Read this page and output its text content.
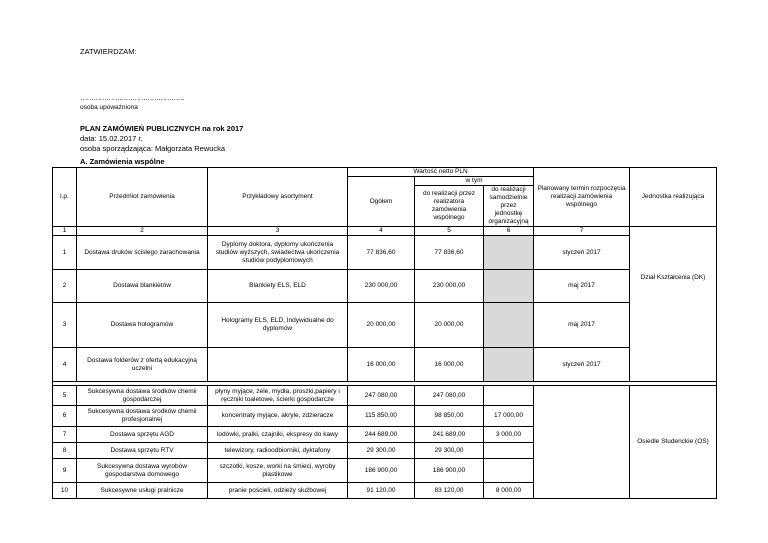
ZATWIERDZAM:
…………………………………………
osoba upoważniona
PLAN ZAMÓWIEŃ PUBLICZNYCH na rok 2017
data: 15.02.2017 r.
osoba sporządzająca: Małgorzata Rewucka
A. Zamówienia wspólne
l.p.	Przedmiot zamówienia	Przykładowy asortyment	Wartość netto PLN			Planowany termin rozpoczęcia realizacji zamówienia wspólnego	Jednostka realizująca
			Ogółem	w tym			
				do realizacji przez realizatora zamówienia wspólnego	do realizacji samodzielnie przez jednostkę organizacyjną		
1	2	3	4	5	6	7	
1	Dostawa druków ścisłego zarachowania	Dyplomy doktora, dyplomy ukończenia studiów wyższych, świadectwa ukończenia studiów podyplomowych	77 836,60	77 836,60		styczeń 2017	
2	Dostawa blankietów	Blankiety ELS, ELD	230 000,00	230 000,00		maj 2017	Dział Kształcenia (DK)
3	Dostawa hologramów	Hologramy ELS, ELD, Indywidualne do dyplomów	20 000,00	20 000,00		maj 2017	
4	Dostawa folderów z ofertą edukacyjną uczelni		16 000,00	16 000,00		styczeń 2017	

5	Sukcesywna dostawa środków chemii gospodarczej	płyny myjące, żele, mydła, proszki,papiery i ręczniki toaletowe, ścierki gospodarcze	247 080,00	247 080,00			Osiedle Studenckie (OS)
6	Sukcesywna dostawa środków chemii profesjonalnej	koncentraty myjące, akryle, zdzieracze	115 850,00	98 850,00	17 000,00		
7	Dostawa sprzętu AGD	lodówki, pralki, czajniki, ekspresy do kawy	244 689,00	241 689,00	3 000,00		
8	Dostawa sprzętu RTV	telewizory, radioodbiorniki, dyktafony	29 300,00	29 300,00			
9	Sukcesywna dostawa wyrobów gospodarstwa domowego	szczotki, kosze, worki na śmieci, wyroby plastikowe	186 900,00	186 900,00			
10	Sukcesywne usługi pralnicze	pranie pościeli, odzieży służbowej	91 120,00	83 120,00	8 000,00		
